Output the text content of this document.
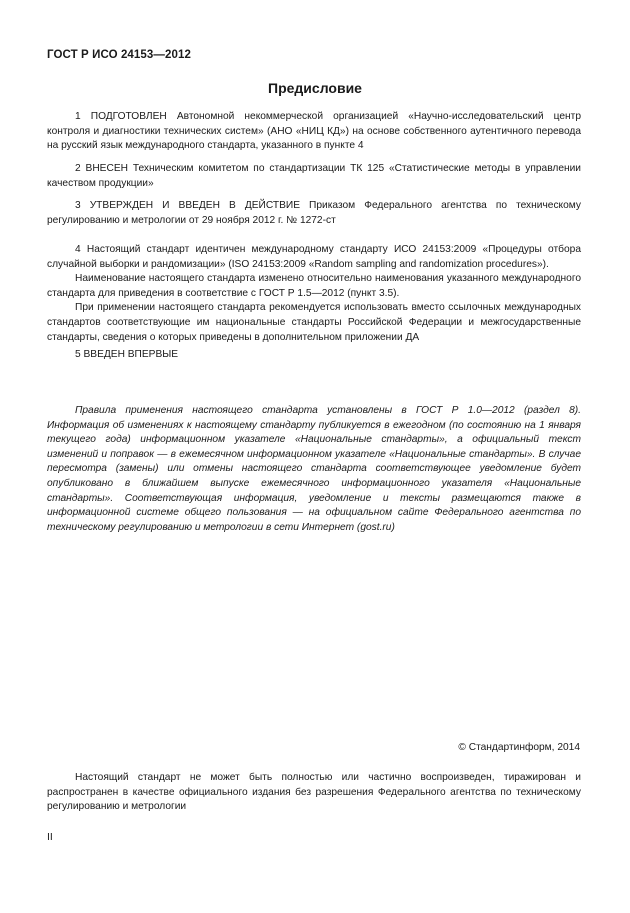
ГОСТ Р ИСО 24153—2012
Предисловие

1 ПОДГОТОВЛЕН Автономной некоммерческой организацией «Научно-исследовательский центр контроля и диагностики технических систем» (АНО «НИЦ КД») на основе собственного аутентичного перевода на русский язык международного стандарта, указанного в пункте 4

2 ВНЕСЕН Техническим комитетом по стандартизации ТК 125 «Статистические методы в управлении качеством продукции»

3 УТВЕРЖДЕН И ВВЕДЕН В ДЕЙСТВИЕ Приказом Федерального агентства по техническому регулированию и метрологии от 29 ноября 2012 г. № 1272-ст

4 Настоящий стандарт идентичен международному стандарту ИСО 24153:2009 «Процедуры отбора случайной выборки и рандомизации» (ISO 24153:2009 «Random sampling and randomization procedures»).

Наименование настоящего стандарта изменено относительно наименования указанного международного стандарта для приведения в соответствие с ГОСТ Р 1.5—2012 (пункт 3.5).

При применении настоящего стандарта рекомендуется использовать вместо ссылочных международных стандартов соответствующие им национальные стандарты Российской Федерации и межгосударственные стандарты, сведения о которых приведены в дополнительном приложении ДА

5 ВВЕДЕН ВПЕРВЫЕ

Правила применения настоящего стандарта установлены в ГОСТ Р 1.0—2012 (раздел 8). Информация об изменениях к настоящему стандарту публикуется в ежегодном (по состоянию на 1 января текущего года) информационном указателе «Национальные стандарты», а официальный текст изменений и поправок — в ежемесячном информационном указателе «Национальные стандарты». В случае пересмотра (замены) или отмены настоящего стандарта соответствующее уведомление будет опубликовано в ближайшем выпуске ежемесячного информационного указателя «Национальные стандарты». Соответствующая информация, уведомление и тексты размещаются также в информационной системе общего пользования — на официальном сайте Федерального агентства по техническому регулированию и метрологии в сети Интернет (gost.ru)

© Стандартинформ, 2014

Настоящий стандарт не может быть полностью или частично воспроизведен, тиражирован и распространен в качестве официального издания без разрешения Федерального агентства по техническому регулированию и метрологии

II
